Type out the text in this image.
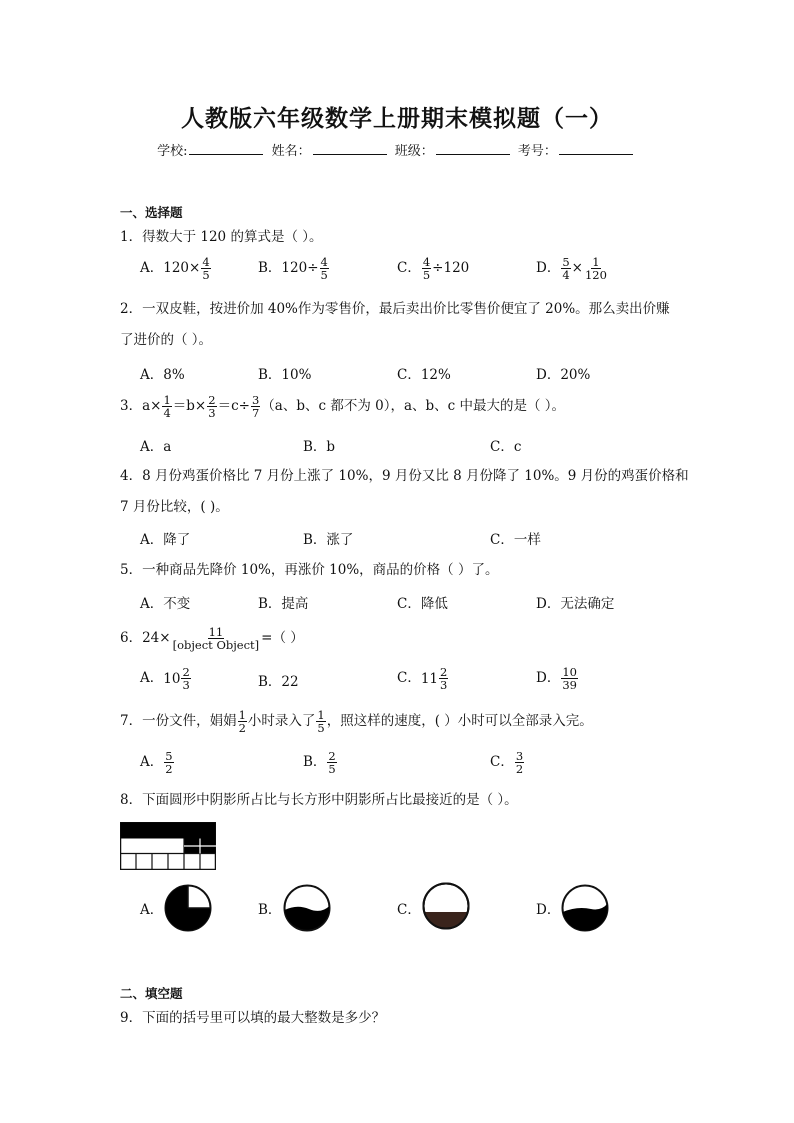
人教版六年级数学上册期末模拟题（一）
学校:	姓名：	班级：	考号：
一、选择题
1．得数大于 120 的算式是（ ）。
A．$120\times \frac{4}{5}$	B．$120\div \frac{4}{5}$	C． $\frac{4}{5} \div 120$	D． $\frac{5}{4} \times \frac{1}{120}$
2．一双皮鞋，按进价加 40%作为零售价，最后卖出价比零售价便宜了 20%。那么卖出价赚
了进价的（ ）。
A．8%	B．10%	C．12%	D．20%
3．$a\times \frac{1}{4} =b\times \frac{2}{3} =c\div \frac{3}{7} (a$、b、c 都不为 0），a、b、c 中最大的是（ ）。
A．a	B．b	C．c
4．8 月份鸡蛋价格比 7 月份上涨了 10%，9 月份又比 8 月份降了 10%。9 月份的鸡蛋价格和
7 月份比较，( )。
A．降了	B．涨了	C．一样
5．一种商品先降价 10%，再涨价 10%，商品的价格（ ）了。
A．不变	B．提高	C．降低	D．无法确定
6．$24\times \frac{11}{\text{[object Object]}}$ =（ ）
A． $10 \frac{2}{3}$	B．22	C． $11 \frac{2}{3}$	D． $\frac{10}{39}$
7．一份文件，娟娟 $\frac{1}{2}$ 小时录入了 $\frac{1}{5}$ ，照这样的速度，( ）小时可以全部录入完。
A． $\frac{5}{2}$	B． $\frac{2}{5}$	C． $\frac{3}{2}$
8．下面圆形中阴影所占比与长方形中阴影所占比最接近的是（ ）。
A．	B．	C．	D．
二、填空题
9．下面的括号里可以填的最大整数是多少？
